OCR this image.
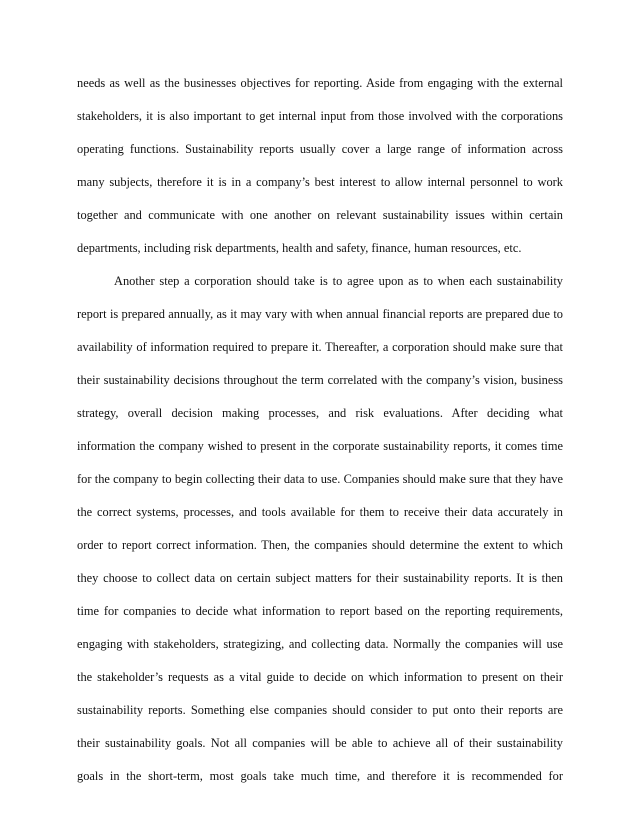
needs as well as the businesses objectives for reporting. Aside from engaging with the external
stakeholders, it is also important to get internal input from those involved with the corporations
operating functions. Sustainability reports usually cover a large range of information across
many subjects, therefore it is in a company’s best interest to allow internal personnel to work
together and communicate with one another on relevant sustainability issues within certain
departments, including risk departments, health and safety, finance, human resources, etc.
Another step a corporation should take is to agree upon as to when each sustainability
report is prepared annually, as it may vary with when annual financial reports are prepared due to
availability of information required to prepare it. Thereafter, a corporation should make sure that
their sustainability decisions throughout the term correlated with the company’s vision, business
strategy, overall decision making processes, and risk evaluations. After deciding what
information the company wished to present in the corporate sustainability reports, it comes time
for the company to begin collecting their data to use. Companies should make sure that they have
the correct systems, processes, and tools available for them to receive their data accurately in
order to report correct information. Then, the companies should determine the extent to which
they choose to collect data on certain subject matters for their sustainability reports. It is then
time for companies to decide what information to report based on the reporting requirements,
engaging with stakeholders, strategizing, and collecting data. Normally the companies will use
the stakeholder’s requests as a vital guide to decide on which information to present on their
sustainability reports. Something else companies should consider to put onto their reports are
their sustainability goals. Not all companies will be able to achieve all of their sustainability
goals in the short-term, most goals take much time, and therefore it is recommended for
